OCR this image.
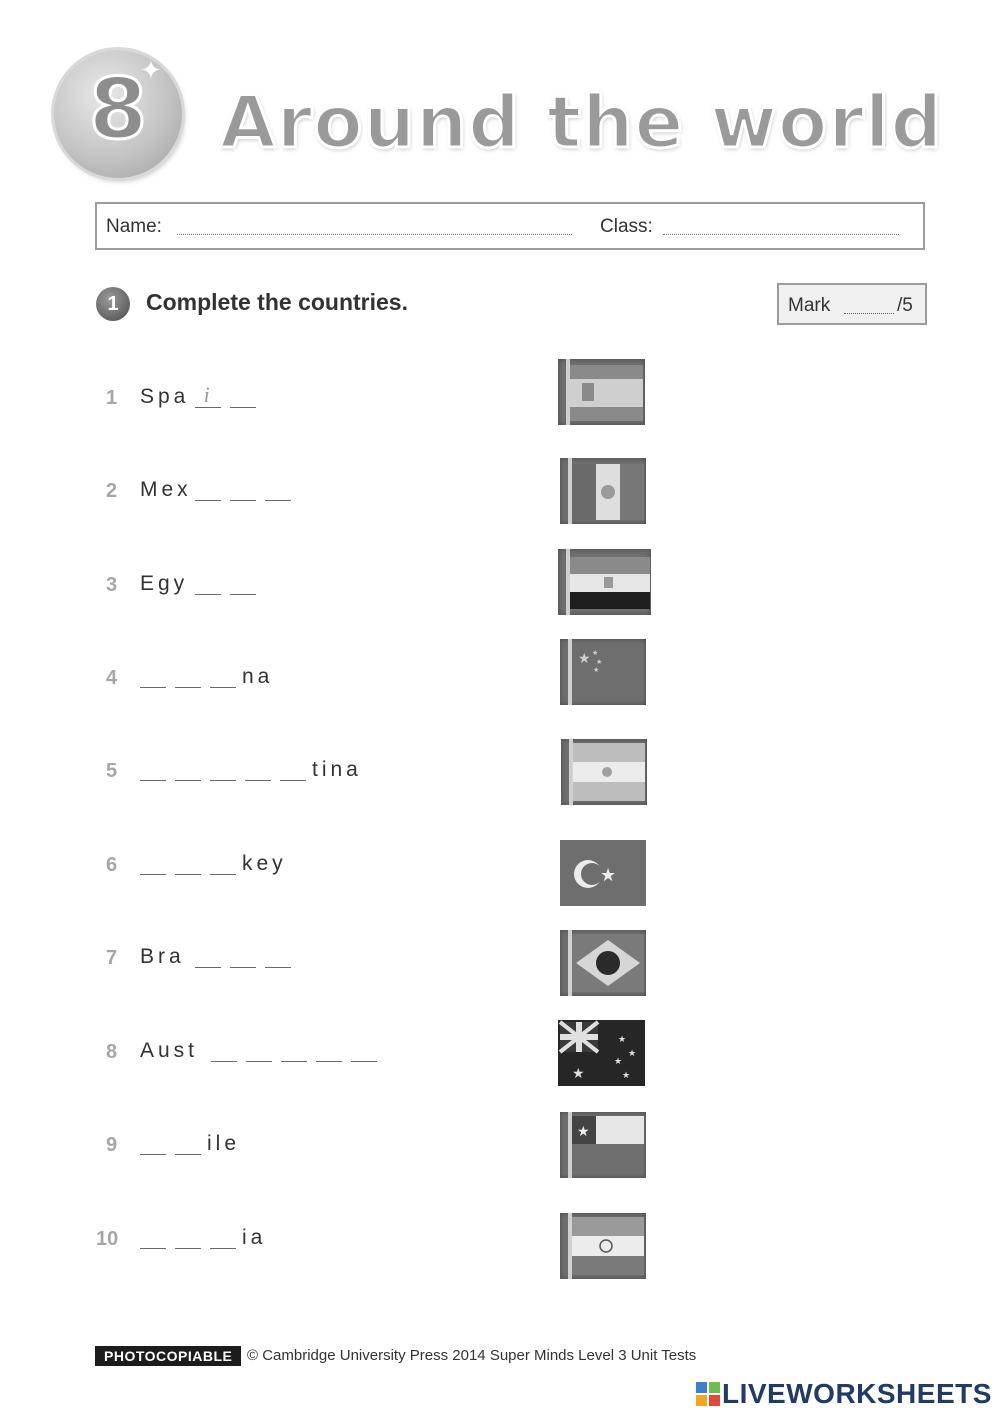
8
✦
Around the world
Name:	Class:
1	Complete the countries.	Mark	/5
1 Spa i
2 Mex
3 Egy
4	na
5	tina
6	key
7 Bra
8 Aust
9	ile
10	ia
★ ★
★
★
★
★
★
★
★
★
★
PHOTOCOPIABLE © Cambridge University Press 2014 Super Minds Level 3 Unit Tests
LIVEWORKSHEETS
